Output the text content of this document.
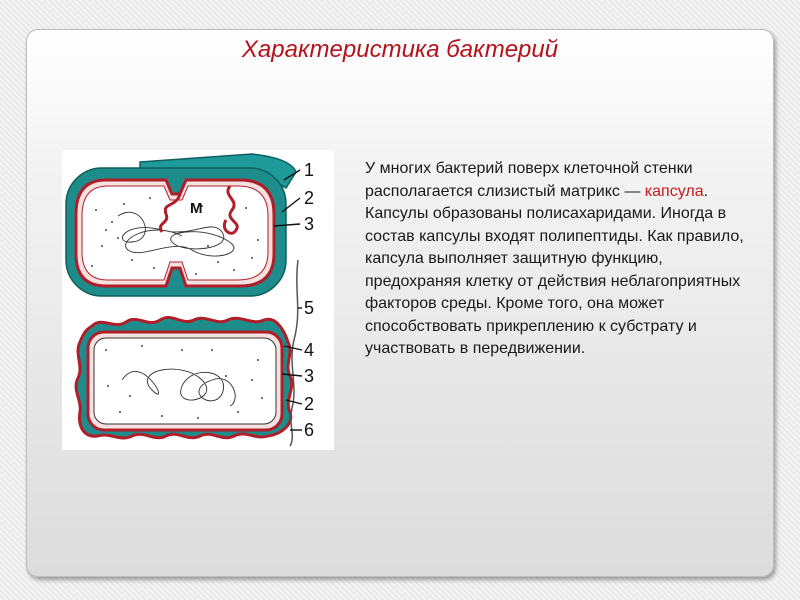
Характеристика бактерий
1
2
3
5
4
3
2
6
М

У многих бактерий поверх клеточной стенки располагается слизистый матрикс — капсула. Капсулы образованы полисахаридами. Иногда в состав капсулы входят полипептиды. Как правило, капсула выполняет защитную функцию, предохраняя клетку от действия неблагоприятных факторов среды. Кроме того, она может способствовать прикреплению к субстрату и участвовать в передвижении.
